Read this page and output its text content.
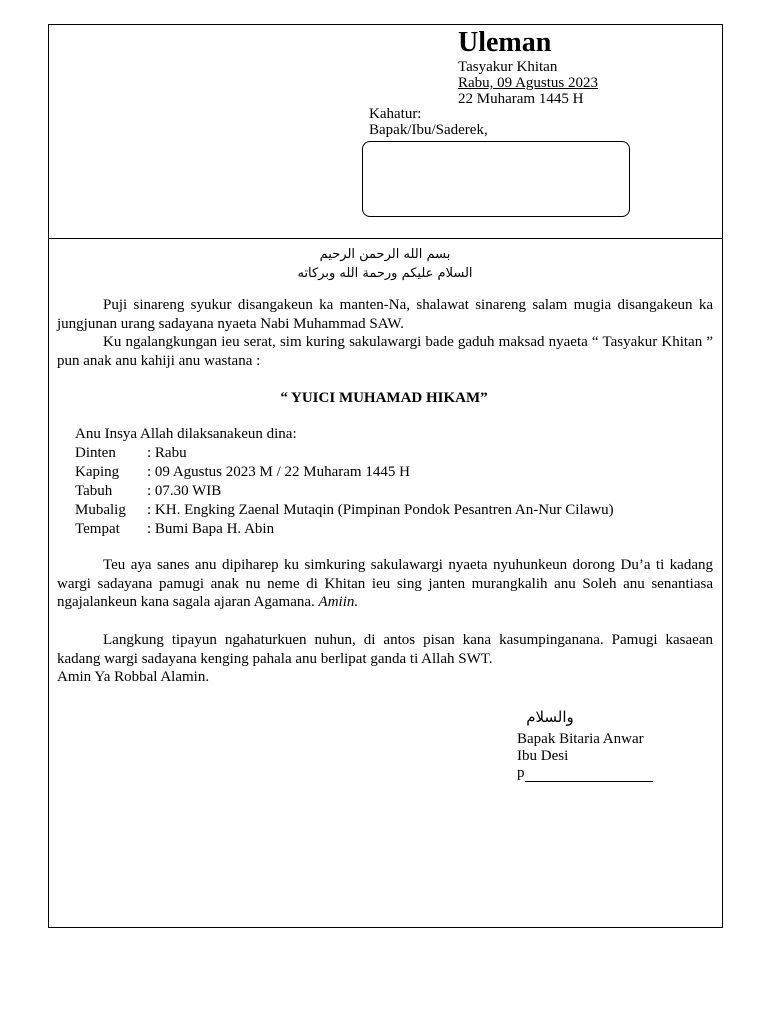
Uleman
Tasyakur Khitan
Rabu, 09 Agustus 2023
22 Muharam 1445 H
Kahatur:
Bapak/Ibu/Saderek,
بسم الله الرحمن الرحيم
السلام عليكم ورحمة الله وبركاته

Puji sinareng syukur disangakeun ka manten-Na, shalawat sinareng salam mugia disangakeun ka jungjunan urang sadayana nyaeta Nabi Muhammad SAW.

Ku ngalangkungan ieu serat, sim kuring sakulawargi bade gaduh maksad nyaeta “ Tasyakur Khitan ” pun anak anu kahiji anu wastana :

“ YUICI MUHAMAD HIKAM”
Anu Insya Allah dilaksanakeun dina:
Dinten	: Rabu
Kaping	: 09 Agustus 2023 M / 22 Muharam 1445 H
Tabuh	: 07.30 WIB
Mubalig	: KH. Engking Zaenal Mutaqin (Pimpinan Pondok Pesantren An-Nur Cilawu)
Tempat	: Bumi Bapa H. Abin

Teu aya sanes anu dipiharep ku simkuring sakulawargi nyaeta nyuhunkeun dorong Du’a ti kadang wargi sadayana pamugi anak nu neme di Khitan ieu sing janten murangkalih anu Soleh anu senantiasa ngajalankeun kana sagala ajaran Agamana. Amiin.

Langkung tipayun ngahaturkuen nuhun, di antos pisan kana kasumpinganana. Pamugi kasaean kadang wargi sadayana kenging pahala anu berlipat ganda ti Allah SWT.

Amin Ya Robbal Alamin.

والسلام
Bapak Bitaria Anwar
Ibu Desi
p
